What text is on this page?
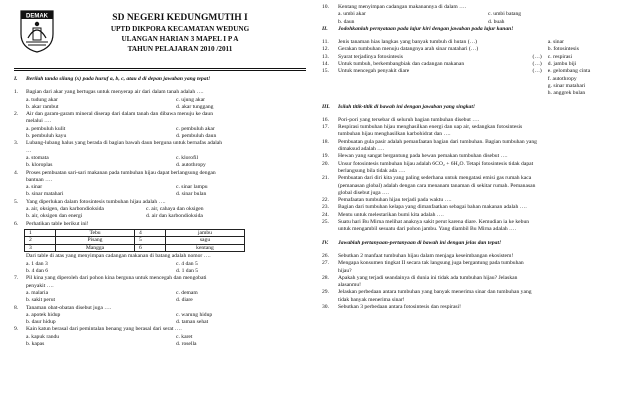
DEMAK	SD NEGERI KEDUNGMUTIH I
UPTD DIKPORA KECAMATAN WEDUNG
ULANGAN HARIAN 3 MAPEL I P A
TAHUN PELAJARAN 2010 /2011
I. Berilah tanda silang (x) pada huruf a, b, c, atau d di depan jawaban yang tepat!
1. Bagian dari akar yang bertugas untuk menyerap air dari dalam tanah adalah ….
a. tudung akar	c. ujung akar
b. akar rambut	d. akar tunggang
2. Air dan garam-garam mineral diserap dari dalam tanah dan dibawa menuju ke daun
melalui ….
a. pembuluh kulit	c. pembuluh akar
b. pembuluh kayu	d. pembuluh daun
3. Lubang-lubang halus yang berada di bagian bawah daun berguna untuk bernafas adalah
…
a. stomata	c. klorofil
b. kloroplas	d. autothropy
4. Proses pembuatan sari-sari makanan pada tumbuhan hijau dapat berlangsung dengan
bantuan ….
a. sinar	c. sinar lampu
b. sinar matahari	d. sinar bulan
5. Yang diperlukan dalam fotosintesis tumbuhan hijau adalah ….
a. air, oksigen, dan karbondioksida	c. air, cahaya dan oksigen
b. air, oksigen dan energi	d. air dan karbondioksida
6. Perhatikan table berikut ini!
1	Tebu	4	jambu
2	Pisang	5	sagu
3	Mangga	6	kentang
Dari table di atas yang menyimpan cadangan makanan di batang adalah nomor ….
a. 1 dan 3	c. 4 dan 5
b. 4 dan 6	d. 1 dan 5
7. Pil kina yang diperoleh dari pohon kina berguna untuk mencegah dan mengobati
penyakit ….
a. malaria	c. demam
b. sakit perut	d. diare
8. Tanaman obat-obatan disebut juga ….
a. apotek hidup	c. warung hidup
b. daur hidup	d. taman sehat
9. Kain katun berasal dari pemintalan benang yang berasal dari serat ….
a. kapuk randu	c. karet
b. kapas	d. rosella
10. Kentang menyimpan cadangan makanannya di dalam ….
a. umbi akar	c. umbi batang
b. daun	d. buah
II. Jodohkanlah pernyataan pada lajur kiri dengan jawaban pada lajur kanan!
11. Jenis tanaman hias langkas yang banyak tumbuh di hutan (…)	a. sinar
12. Gerakan tumbuhan menuju datangnya arah sinar matahari (…)	b. fotosintesis
13. Syarat terjadinya fotosintesis	(…)	c. respirasi
14. Untuk tumbuh, berkembangbiak dan cadangan makanan	(…)	d. jambu biji
15. Untuk mencegah penyakit diare	(…)	e. gelombang cinta
f. autothropy
g. sinar matahari
h. anggrek bulan
III. Isilah titik-titik di bawah ini dengan jawaban yang singkat!
16. Pori-pori yang tersebar di seluruh bagian tumbuhan disebut ….
17. Respirasi tumbuhan hijau menghasilkan energi dan uap air, sedangkan fotosintesis
tumbuhan hijau menghasilkan karbohidrat dan ….
18. Pembuatan gula pasir adalah pemanfaatan bagian dari tumbuhan. Bagian tumbuhan yang
dimaksud adalah ….
19. Hewan yang sangat bergantung pada hewan pemakan tumbuhan disebut ….
20. Unsur fotosintesis tumbuhan hijau adalah 6CO₂ + 6H₂O. Tetapi fotosintesis tidak dapat
berlangsung bila tidak ada ….
21. Pembuatan dari diri kita yang paling sederhana untuk mengatasi emisi gas rumah kaca
(pemanasan global) adalah dengan cara menanam tanaman di sekitar rumah. Pemanasan
global disebut juga ….
22. Pemafaatan tumbuhan hijau terjadi pada waktu ….
23. Bagian dari tumbuhan kelapa yang dimanfaatkan sebagai bahan makanan adalah ….
24. Mentu untuk melestarikan bumi kita adalah ….
25. Suatu hari Bu Mirna melihat anaknya sakit perut karena diare. Kemudian ia ke kebun
untuk mengambil sesuatu dari pohon jambu. Yang diambil Bu Mirna adalah ….
IV. Jawablah pertanyaan-pertanyaan di bawah ini dengan jelas dan tepat!
26. Sebutkan 2 manfaat tumbuhan hijau dalam menjaga keseimbangan ekosistem!
27. Mengapa konsumen tingkat II secara tak langsung juga bergantung pada tumbuhan
hijau?
28. Apakah yang terjadi seandainya di dunia ini tidak ada tumbuhan hijau? Jelaskan
alasanmu!
29. Jelaskan perbedaan antara tumbuhan yang banyak menerima sinar dan tumbuhan yang
tidak banyak menerima sinar!
30. Sebutkan 3 perbedaan antara fotosintesis dan respirasi!
